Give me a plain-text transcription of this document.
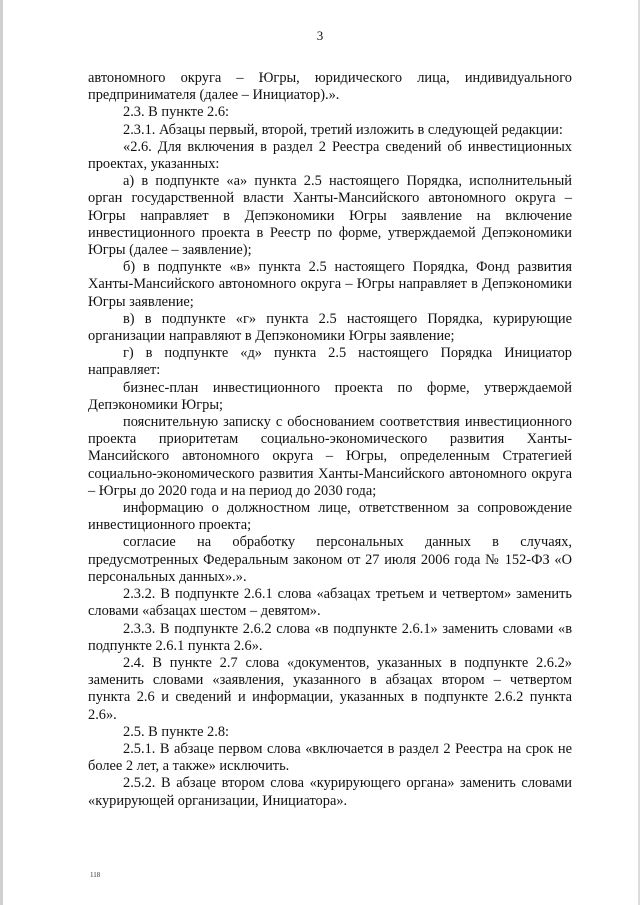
3

автономного округа – Югры, юридического лица, индивидуального предпринимателя (далее – Инициатор).».

2.3. В пункте 2.6:

2.3.1. Абзацы первый, второй, третий изложить в следующей редакции:

«2.6. Для включения в раздел 2 Реестра сведений об инвестиционных проектах, указанных:

а) в подпункте «а» пункта 2.5 настоящего Порядка, исполнительный орган государственной власти Ханты-Мансийского автономного округа – Югры направляет в Депэкономики Югры заявление на включение инвестиционного проекта в Реестр по форме, утверждаемой Депэкономики Югры (далее – заявление);

б) в подпункте «в» пункта 2.5 настоящего Порядка, Фонд развития Ханты-Мансийского автономного округа – Югры направляет в Депэкономики Югры заявление;

в) в подпункте «г» пункта 2.5 настоящего Порядка, курирующие организации направляют в Депэкономики Югры заявление;

г) в подпункте «д» пункта 2.5 настоящего Порядка Инициатор направляет:

бизнес-план инвестиционного проекта по форме, утверждаемой Депэкономики Югры;

пояснительную записку с обоснованием соответствия инвестиционного проекта приоритетам социально-экономического развития Ханты-Мансийского автономного округа – Югры, определенным Стратегией социально-экономического развития Ханты-Мансийского автономного округа – Югры до 2020 года и на период до 2030 года;

информацию о должностном лице, ответственном за сопровождение инвестиционного проекта;

согласие на обработку персональных данных в случаях, предусмотренных Федеральным законом от 27 июля 2006 года № 152-ФЗ «О персональных данных».».

2.3.2. В подпункте 2.6.1 слова «абзацах третьем и четвертом» заменить словами «абзацах шестом – девятом».

2.3.3. В подпункте 2.6.2 слова «в подпункте 2.6.1» заменить словами «в подпункте 2.6.1 пункта 2.6».

2.4. В пункте 2.7 слова «документов, указанных в подпункте 2.6.2» заменить словами «заявления, указанного в абзацах втором – четвертом пункта 2.6 и сведений и информации, указанных в подпункте 2.6.2 пункта 2.6».

2.5. В пункте 2.8:

2.5.1. В абзаце первом слова «включается в раздел 2 Реестра на срок не более 2 лет, а также» исключить.

2.5.2. В абзаце втором слова «курирующего органа» заменить словами «курирующей организации, Инициатора».

118
